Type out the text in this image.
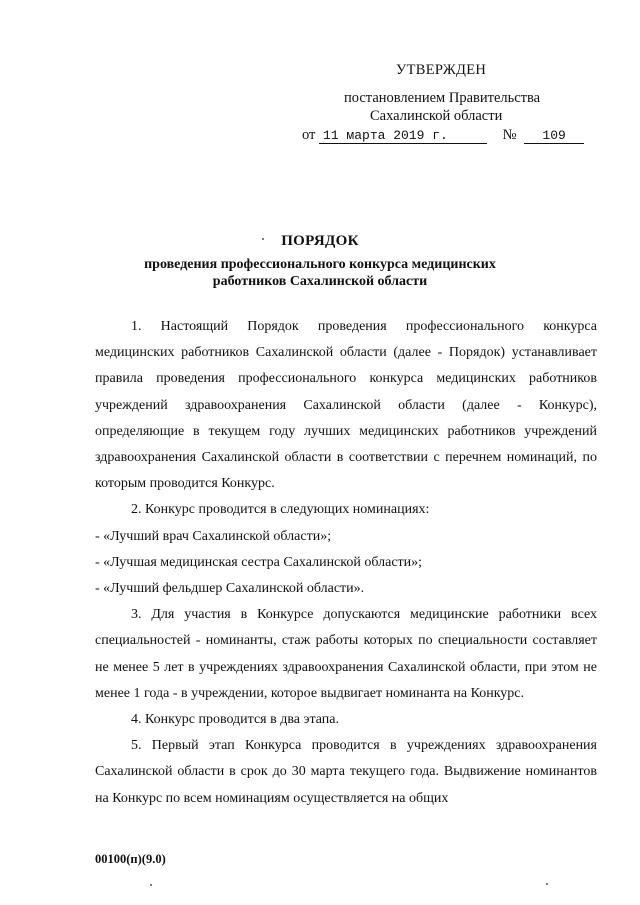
УТВЕРЖДЕН
постановлением Правительства
Сахалинской области
от 11 марта 2019 г.	№ 109
ПОРЯДОК
проведения профессионального конкурса медицинских
работников Сахалинской области

1. Настоящий Порядок проведения профессионального конкурса медицинских работников Сахалинской области (далее - Порядок) устанавливает правила проведения профессионального конкурса медицинских работников учреждений здравоохранения Сахалинской области (далее - Конкурс), определяющие в текущем году лучших медицинских работников учреждений здравоохранения Сахалинской области в соответствии с перечнем номинаций, по которым проводится Конкурс.

2. Конкурс проводится в следующих номинациях:

- «Лучший врач Сахалинской области»;

- «Лучшая медицинская сестра Сахалинской области»;

- «Лучший фельдшер Сахалинской области».

3. Для участия в Конкурсе допускаются медицинские работники всех специальностей - номинанты, стаж работы которых по специальности составляет не менее 5 лет в учреждениях здравоохранения Сахалинской области, при этом не менее 1 года - в учреждении, которое выдвигает номинанта на Конкурс.

4. Конкурс проводится в два этапа.

5. Первый этап Конкурса проводится в учреждениях здравоохранения Сахалинской области в срок до 30 марта текущего года. Выдвижение номинантов на Конкурс по всем номинациям осуществляется на общих

00100(п)(9.0)
